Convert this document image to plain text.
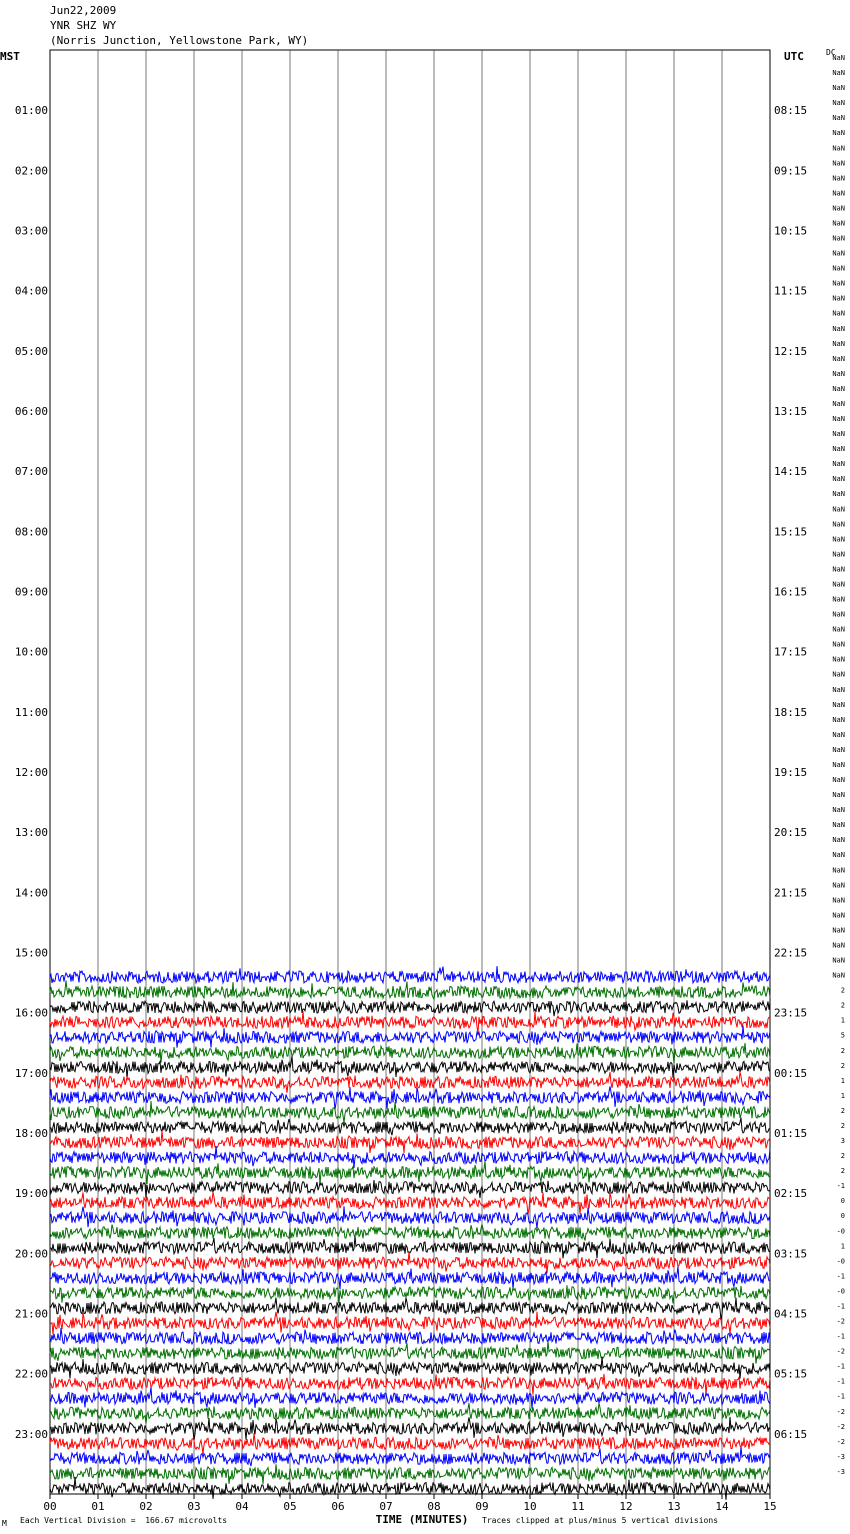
Jun22,2009
YNR SHZ WY
(Norris Junction, Yellowstone Park, WY)
MST	UTC	DC
00	01	02	03	04	05	06	07	08	09	10	11	12	13	14	15
TIME (MINUTES)
01:00	08:15
02:00	09:15
03:00	10:15
04:00	11:15
05:00	12:15
06:00	13:15
07:00	14:15
08:00	15:15
09:00	16:15
10:00	17:15
11:00	18:15
12:00	19:15
13:00	20:15
14:00	21:15
15:00	22:15
16:00	23:15
17:00	00:15
18:00	01:15
19:00	02:15
20:00	03:15
21:00	04:15
22:00	05:15
23:00	06:15
NaN
NaN
NaN
NaN
NaN
NaN
NaN
NaN
NaN
NaN
NaN
NaN
NaN
NaN
NaN
NaN
NaN
NaN
NaN
NaN
NaN
NaN
NaN
NaN
NaN
NaN
NaN
NaN
NaN
NaN
NaN
NaN
NaN
NaN
NaN
NaN
NaN
NaN
NaN
NaN
NaN
NaN
NaN
NaN
NaN
NaN
NaN
NaN
NaN
NaN
NaN
NaN
NaN
NaN
NaN
NaN
NaN
NaN
NaN
NaN
NaN
NaN
2
2
1
5
2
2
1
1
2
2
3
2
2
-1
0
0
-0
1
-0
-1
-0
-1
-2
-1
-2
-1
-1
-1
-2
-2
-2
-3
-3
Each Vertical Division =  166.67 microvolts	Traces clipped at plus/minus 5 vertical divisions
M
